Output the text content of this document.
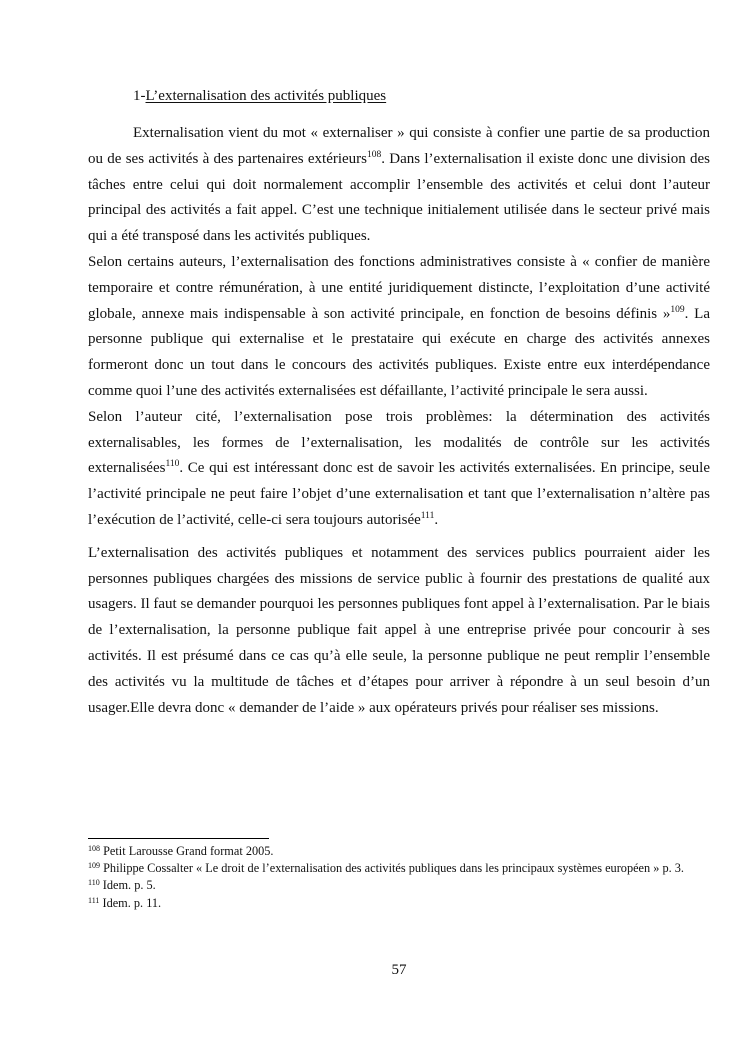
1-L’externalisation des activités publiques

Externalisation vient du mot « externaliser » qui consiste à confier une partie de sa production ou de ses activités à des partenaires extérieurs$^{108}$. Dans l’externalisation il existe donc une division des tâches entre celui qui doit normalement accomplir l’ensemble des activités et celui dont l’auteur principal des activités a fait appel. C’est une technique initialement utilisée dans le secteur privé mais qui a été transposé dans les activités publiques.

Selon certains auteurs, l’externalisation des fonctions administratives consiste à « confier de manière temporaire et contre rémunération, à une entité juridiquement distincte, l’exploitation d’une activité globale, annexe mais indispensable à son activité principale, en fonction de besoins définis »$^{109}$. La personne publique qui externalise et le prestataire qui exécute en charge des activités annexes formeront donc un tout dans le concours des activités publiques. Existe entre eux interdépendance comme quoi l’une des activités externalisées est défaillante, l’activité principale le sera aussi.

Selon l’auteur cité, l’externalisation pose trois problèmes: la détermination des activités externalisables, les formes de l’externalisation, les modalités de contrôle sur les activités externalisées$^{110}$. Ce qui est intéressant donc est de savoir les activités externalisées. En principe, seule l’activité principale ne peut faire l’objet d’une externalisation et tant que l’externalisation n’altère pas l’exécution de l’activité, celle-ci sera toujours autorisée$^{111}$.

L’externalisation des activités publiques et notamment des services publics pourraient aider les personnes publiques chargées des missions de service public à fournir des prestations de qualité aux usagers. Il faut se demander pourquoi les personnes publiques font appel à l’externalisation. Par le biais de l’externalisation, la personne publique fait appel à une entreprise privée pour concourir à ses activités. Il est présumé dans ce cas qu’à elle seule, la personne publique ne peut remplir l’ensemble des activités vu la multitude de tâches et d’étapes pour arriver à répondre à un seul besoin d’un usager.Elle devra donc « demander de l’aide » aux opérateurs privés pour réaliser ses missions.

$^{108}$ Petit Larousse Grand format 2005.

$^{109}$ Philippe Cossalter « Le droit de l’externalisation des activités publiques dans les principaux systèmes européen » p. 3.

$^{110}$ Idem. p. 5.

$^{111}$ Idem. p. 11.

57
